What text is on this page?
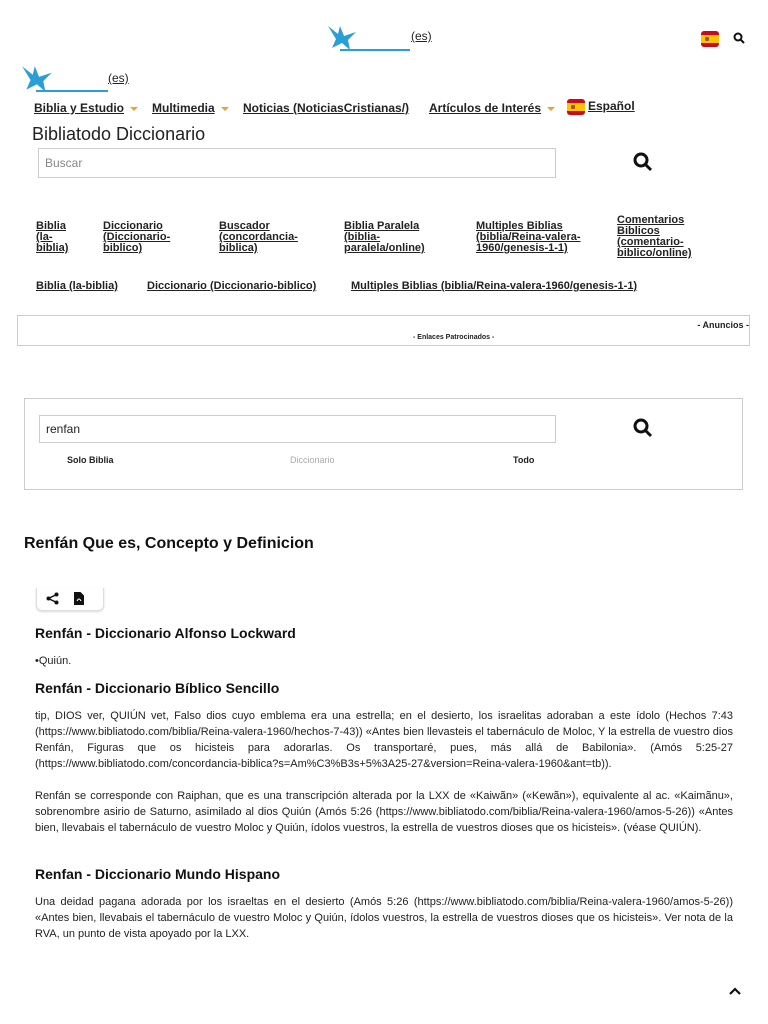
(es)
(es)
Biblia y Estudio	Multimedia	Noticias (NoticiasCristianas/) Artículos de Interés	Español
Bibliatodo Diccionario
Buscar
Biblia (la-biblia)
Diccionario (Diccionario-biblico)
Buscador (concordancia-biblica)
Biblia Paralela (biblia-paralela/online)
Multiples Biblias (biblia/Reina-valera-1960/genesis-1-1)
Comentarios Biblicos (comentario-biblico/online)
Biblia (la-biblia)	Diccionario (Diccionario-biblico)	Multiples Biblias (biblia/Reina-valera-1960/genesis-1-1)
- Anuncios -
- Enlaces Patrocinados -
renfan
Solo Biblia	Diccionario	Todo
Renfán Que es, Concepto y Definicion
Renfán - Diccionario Alfonso Lockward

•Quiún.

Renfán - Diccionario Bíblico Sencillo

tip, DIOS ver, QUIÚN vet, Falso dios cuyo emblema era una estrella; en el desierto, los israelitas adoraban a este ídolo (Hechos 7:43 (https://www.bibliatodo.com/biblia/Reina-valera-1960/hechos-7-43)) «Antes bien llevasteis el tabernáculo de Moloc, Y la estrella de vuestro dios Renfán, Figuras que os hicisteis para adorarlas. Os transportaré, pues, más allá de Babilonia». (Amós 5:25-27 (https://www.bibliatodo.com/concordancia-biblica?s=Am%C3%B3s+5%3A25-27&version=Reina-valera-1960&ant=tb)).

Renfán se corresponde con Raiphan, que es una transcripción alterada por la LXX de «Kaiwãn» («Kewãn»), equivalente al ac. «Kaimãnu», sobrenombre asirio de Saturno, asimilado al dios Quiún (Amós 5:26 (https://www.bibliatodo.com/biblia/Reina-valera-1960/amos-5-26)) «Antes bien, llevabais el tabernáculo de vuestro Moloc y Quiún, ídolos vuestros, la estrella de vuestros dioses que os hicisteis». (véase QUIÚN).

Renfan - Diccionario Mundo Hispano

Una deidad pagana adorada por los israeltas en el desierto (Amós 5:26 (https://www.bibliatodo.com/biblia/Reina-valera-1960/amos-5-26)) «Antes bien, llevabais el tabernáculo de vuestro Moloc y Quiún, ídolos vuestros, la estrella de vuestros dioses que os hicisteis». Ver nota de la RVA, un punto de vista apoyado por la LXX.
